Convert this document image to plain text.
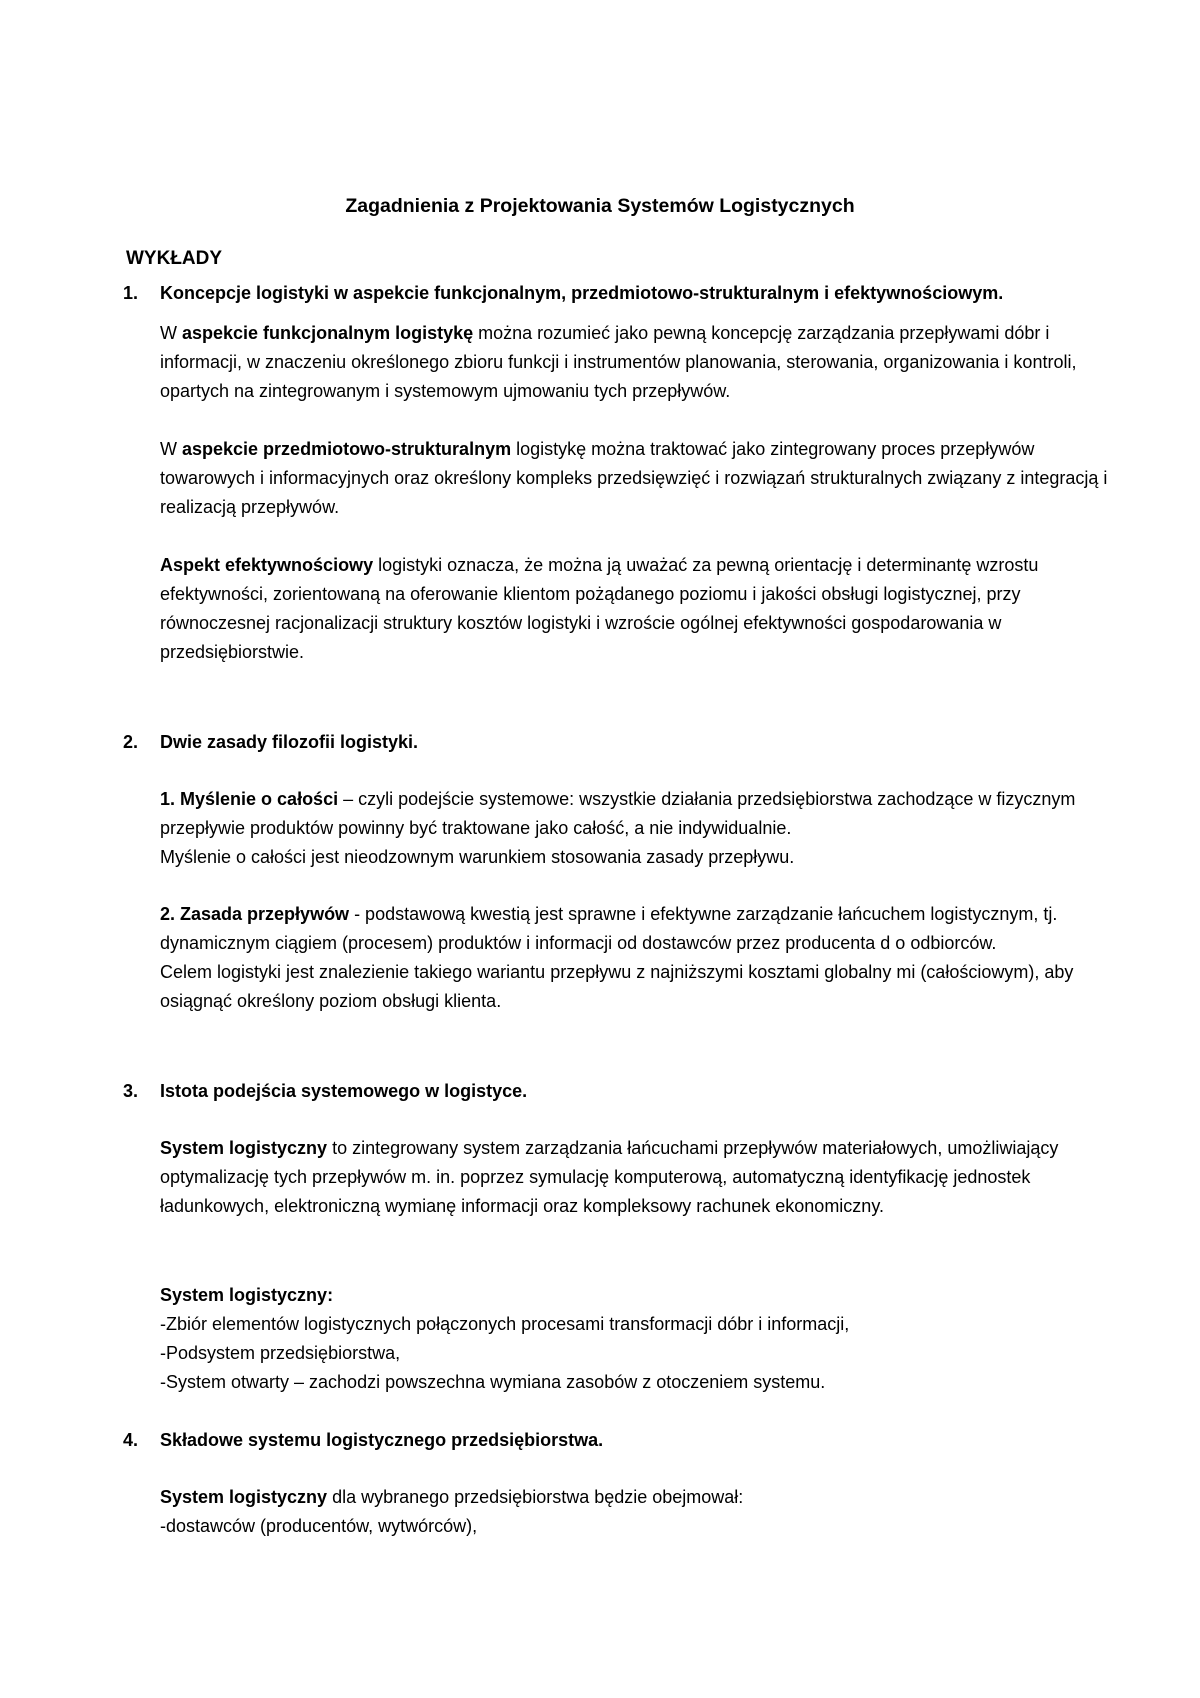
Zagadnienia z Projektowania Systemów Logistycznych
WYKŁADY
1. Koncepcje logistyki w aspekcie funkcjonalnym, przedmiotowo-strukturalnym i efektywnościowym.

W aspekcie funkcjonalnym logistykę można rozumieć jako pewną koncepcję zarządzania przepływami dóbr i informacji, w znaczeniu określonego zbioru funkcji i instrumentów planowania, sterowania, organizowania i kontroli, opartych na zintegrowanym i systemowym ujmowaniu tych przepływów.

W aspekcie przedmiotowo-strukturalnym logistykę można traktować jako zintegrowany proces przepływów towarowych i informacyjnych oraz określony kompleks przedsięwzięć i rozwiązań strukturalnych związany z integracją i realizacją przepływów.

Aspekt efektywnościowy logistyki oznacza, że można ją uważać za pewną orientację i determinantę wzrostu efektywności, zorientowaną na oferowanie klientom pożądanego poziomu i jakości obsługi logistycznej, przy równoczesnej racjonalizacji struktury kosztów logistyki i wzroście ogólnej efektywności gospodarowania w przedsiębiorstwie.

2. Dwie zasady filozofii logistyki.

1. Myślenie o całości – czyli podejście systemowe: wszystkie działania przedsiębiorstwa zachodzące w fizycznym przepływie produktów powinny być traktowane jako całość, a nie indywidualnie.

Myślenie o całości jest nieodzownym warunkiem stosowania zasady przepływu.

2. Zasada przepływów - podstawową kwestią jest sprawne i efektywne zarządzanie łańcuchem logistycznym, tj. dynamicznym ciągiem (procesem) produktów i informacji od dostawców przez producenta d o odbiorców.

Celem logistyki jest znalezienie takiego wariantu przepływu z najniższymi kosztami globalny mi (całościowym), aby osiągnąć określony poziom obsługi klienta.

3. Istota podejścia systemowego w logistyce.

System logistyczny to zintegrowany system zarządzania łańcuchami przepływów materiałowych, umożliwiający optymalizację tych przepływów m. in. poprzez symulację komputerową, automatyczną identyfikację jednostek ładunkowych, elektroniczną wymianę informacji oraz kompleksowy rachunek ekonomiczny.

System logistyczny:

-Zbiór elementów logistycznych połączonych procesami transformacji dóbr i informacji,

-Podsystem przedsiębiorstwa,

-System otwarty – zachodzi powszechna wymiana zasobów z otoczeniem systemu.

4. Składowe systemu logistycznego przedsiębiorstwa.

System logistyczny dla wybranego przedsiębiorstwa będzie obejmował:

-dostawców (producentów, wytwórców),
